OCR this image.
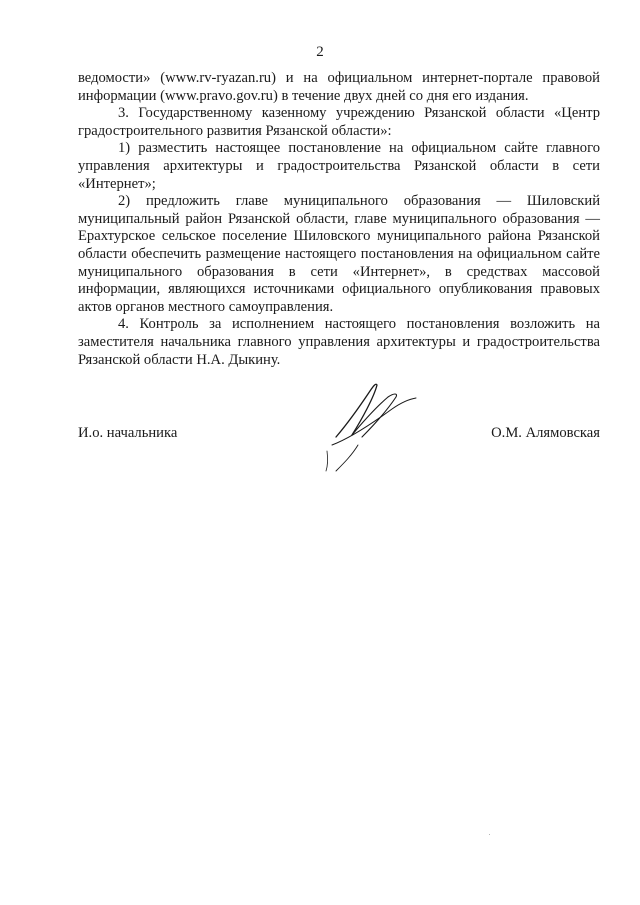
2

ведомости» (www.rv-ryazan.ru) и на официальном интернет-портале правовой информации (www.pravo.gov.ru) в течение двух дней со дня его издания.

3. Государственному казенному учреждению Рязанской области «Центр градостроительного развития Рязанской области»:

1) разместить настоящее постановление на официальном сайте главного управления архитектуры и градостроительства Рязанской области в сети «Интернет»;

2) предложить главе муниципального образования — Шиловский муниципальный район Рязанской области, главе муниципального образования — Ерахтурское сельское поселение Шиловского муниципального района Рязанской области обеспечить размещение настоящего постановления на официальном сайте муниципального образования в сети «Интернет», в средствах массовой информации, являющихся источниками официального опубликования правовых актов органов местного самоуправления.

4. Контроль за исполнением настоящего постановления возложить на заместителя начальника главного управления архитектуры и градостроительства Рязанской области Н.А. Дыкину.

И.о. начальника	О.М. Алямовская
